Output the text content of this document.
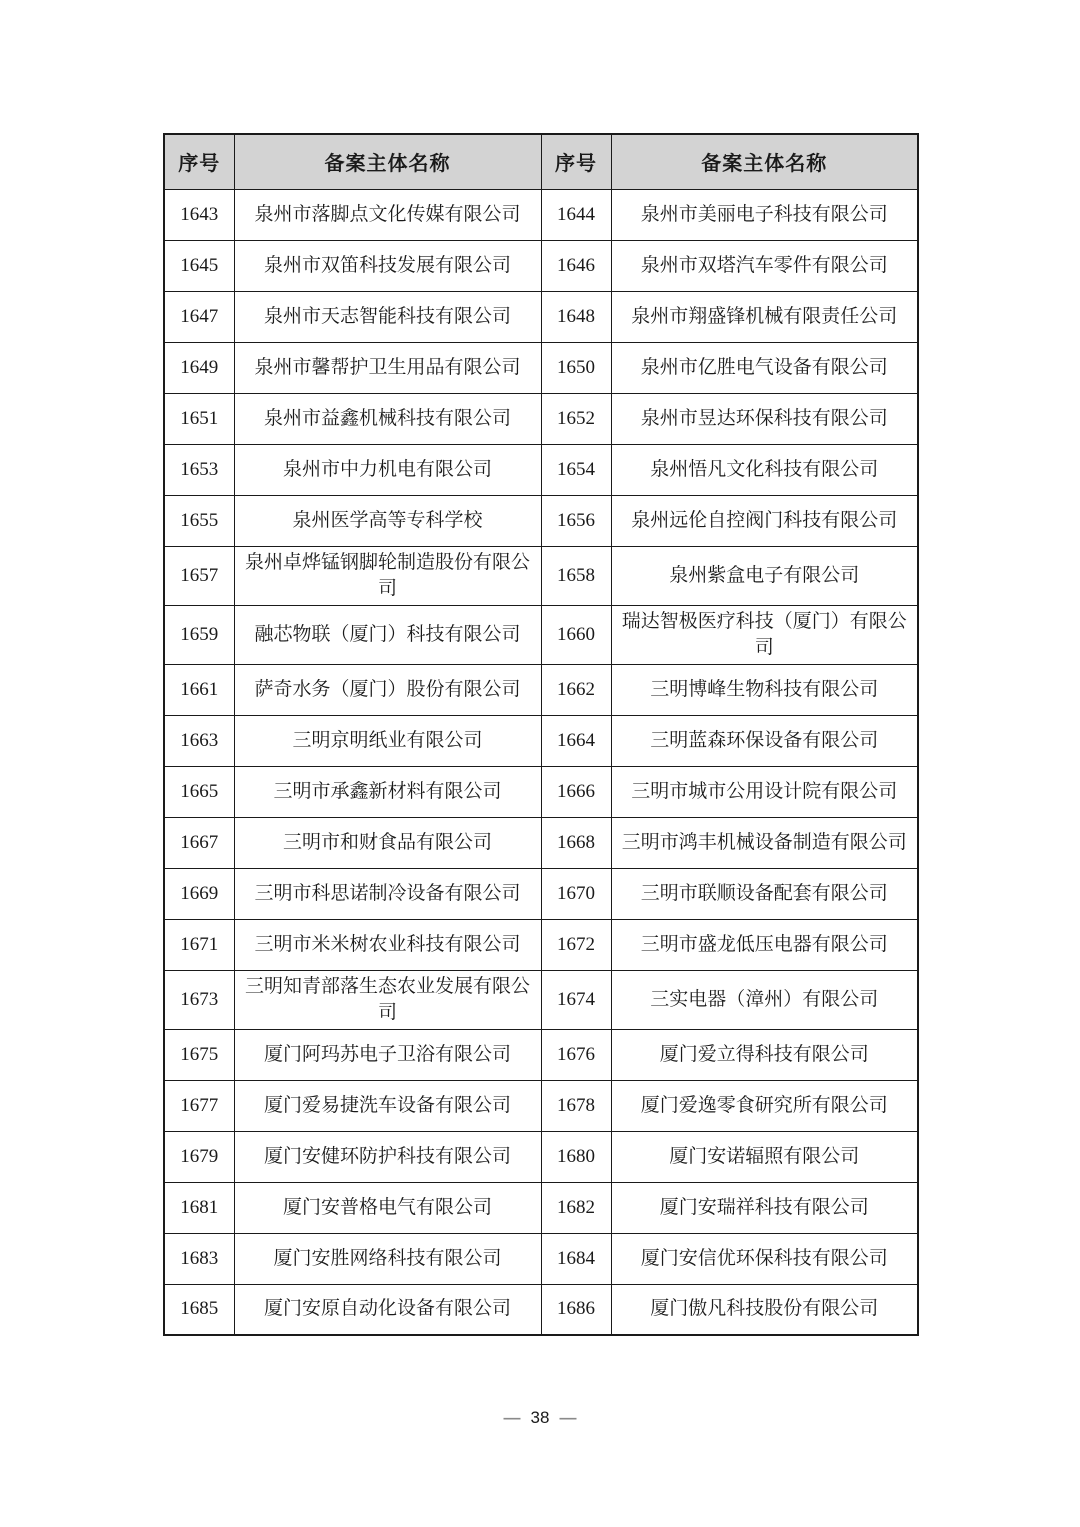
序号	备案主体名称	序号	备案主体名称
1643	泉州市落脚点文化传媒有限公司	1644	泉州市美丽电子科技有限公司
1645	泉州市双笛科技发展有限公司	1646	泉州市双塔汽车零件有限公司
1647	泉州市天志智能科技有限公司	1648	泉州市翔盛锋机械有限责任公司
1649	泉州市馨帮护卫生用品有限公司	1650	泉州市亿胜电气设备有限公司
1651	泉州市益鑫机械科技有限公司	1652	泉州市昱达环保科技有限公司
1653	泉州市中力机电有限公司	1654	泉州悟凡文化科技有限公司
1655	泉州医学高等专科学校	1656	泉州远伦自控阀门科技有限公司
1657	泉州卓烨锰钢脚轮制造股份有限公司	1658	泉州紫盒电子有限公司
1659	融芯物联（厦门）科技有限公司	1660	瑞达智极医疗科技（厦门）有限公司
1661	萨奇水务（厦门）股份有限公司	1662	三明博峰生物科技有限公司
1663	三明京明纸业有限公司	1664	三明蓝森环保设备有限公司
1665	三明市承鑫新材料有限公司	1666	三明市城市公用设计院有限公司
1667	三明市和财食品有限公司	1668	三明市鸿丰机械设备制造有限公司
1669	三明市科思诺制冷设备有限公司	1670	三明市联顺设备配套有限公司
1671	三明市米米树农业科技有限公司	1672	三明市盛龙低压电器有限公司
1673	三明知青部落生态农业发展有限公司	1674	三实电器（漳州）有限公司
1675	厦门阿玛苏电子卫浴有限公司	1676	厦门爱立得科技有限公司
1677	厦门爱易捷洗车设备有限公司	1678	厦门爱逸零食研究所有限公司
1679	厦门安健环防护科技有限公司	1680	厦门安诺辐照有限公司
1681	厦门安普格电气有限公司	1682	厦门安瑞祥科技有限公司
1683	厦门安胜网络科技有限公司	1684	厦门安信优环保科技有限公司
1685	厦门安原自动化设备有限公司	1686	厦门傲凡科技股份有限公司
— 38 —
